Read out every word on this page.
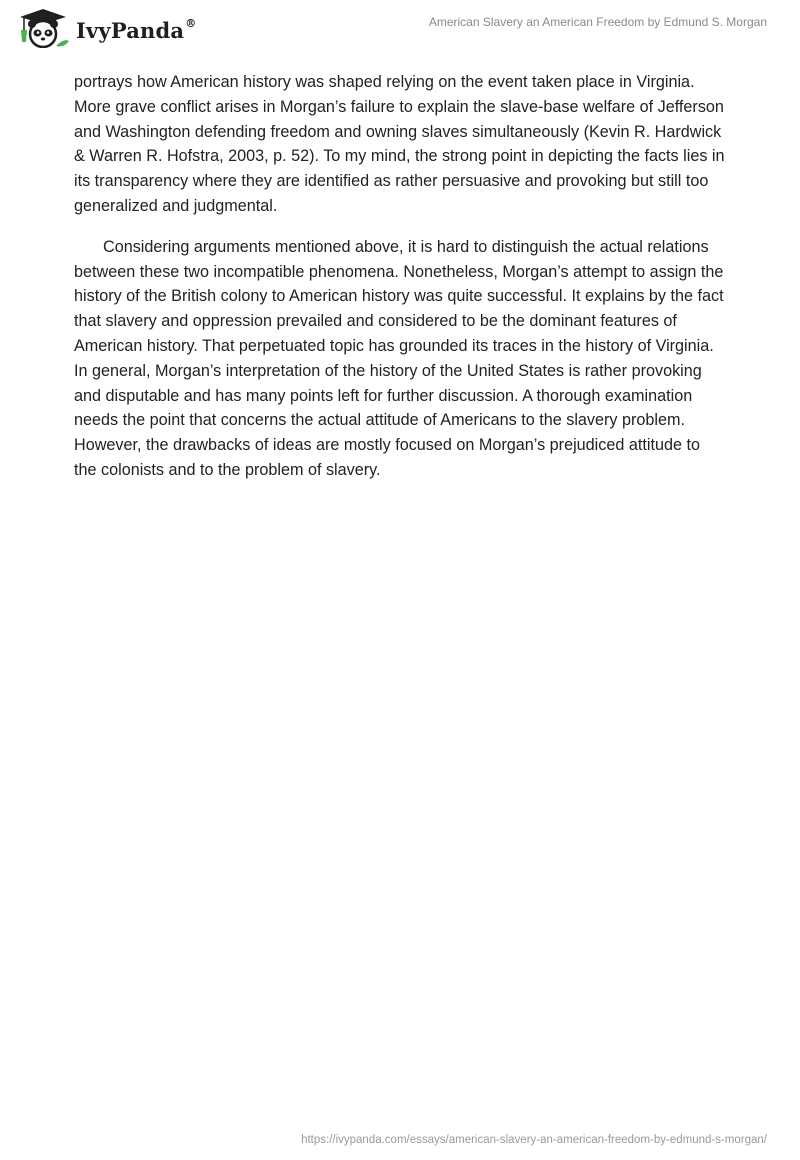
IvyPanda®	American Slavery an American Freedom by Edmund S. Morgan

portrays how American history was shaped relying on the event taken place in Virginia. More grave conflict arises in Morgan’s failure to explain the slave-base welfare of Jefferson and Washington defending freedom and owning slaves simultaneously (Kevin R. Hardwick & Warren R. Hofstra, 2003, p. 52). To my mind, the strong point in depicting the facts lies in its transparency where they are identified as rather persuasive and provoking but still too generalized and judgmental.

Considering arguments mentioned above, it is hard to distinguish the actual relations between these two incompatible phenomena. Nonetheless, Morgan’s attempt to assign the history of the British colony to American history was quite successful. It explains by the fact that slavery and oppression prevailed and considered to be the dominant features of American history. That perpetuated topic has grounded its traces in the history of Virginia. In general, Morgan’s interpretation of the history of the United States is rather provoking and disputable and has many points left for further discussion. A thorough examination needs the point that concerns the actual attitude of Americans to the slavery problem. However, the drawbacks of ideas are mostly focused on Morgan’s prejudiced attitude to the colonists and to the problem of slavery.

https://ivypanda.com/essays/american-slavery-an-american-freedom-by-edmund-s-morgan/
